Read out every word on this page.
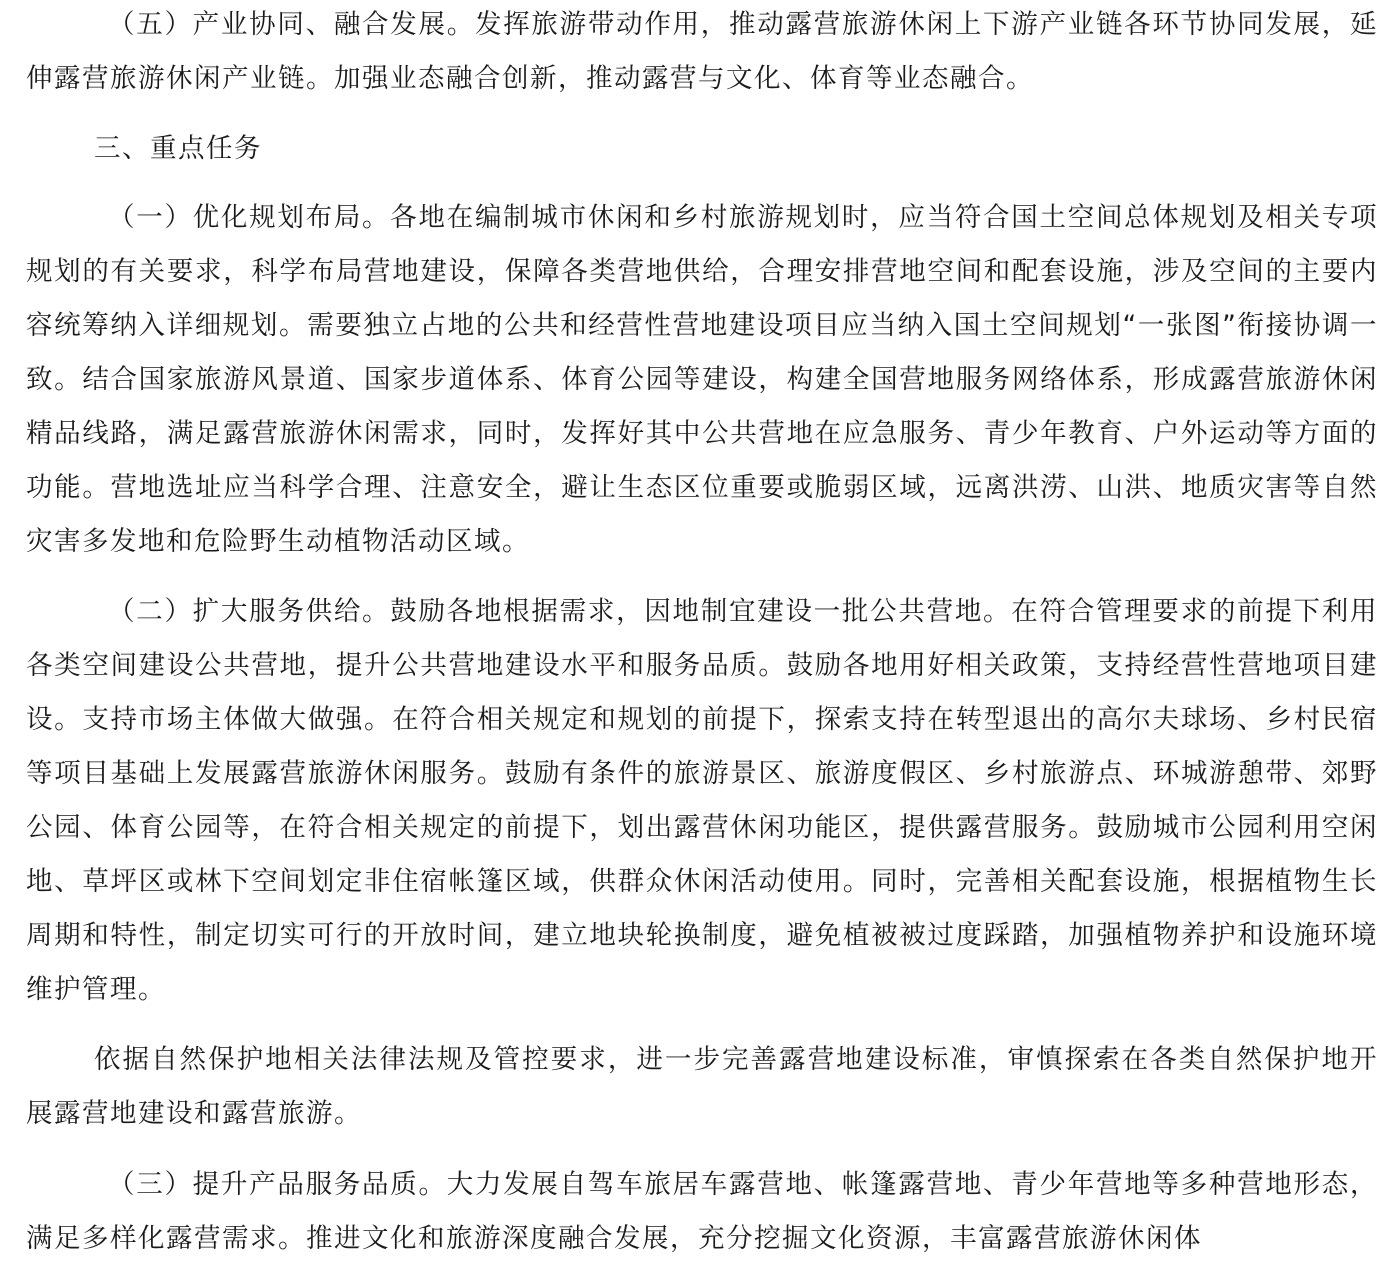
（五）产业协同、融合发展。发挥旅游带动作用，推动露营旅游休闲上下游产业链各环节协同发展，延伸露营旅游休闲产业链。加强业态融合创新，推动露营与文化、体育等业态融合。

三、重点任务

（一）优化规划布局。各地在编制城市休闲和乡村旅游规划时，应当符合国土空间总体规划及相关专项规划的有关要求，科学布局营地建设，保障各类营地供给，合理安排营地空间和配套设施，涉及空间的主要内容统筹纳入详细规划。需要独立占地的公共和经营性营地建设项目应当纳入国土空间规划“一张图”衔接协调一致。结合国家旅游风景道、国家步道体系、体育公园等建设，构建全国营地服务网络体系，形成露营旅游休闲精品线路，满足露营旅游休闲需求，同时，发挥好其中公共营地在应急服务、青少年教育、户外运动等方面的功能。营地选址应当科学合理、注意安全，避让生态区位重要或脆弱区域，远离洪涝、山洪、地质灾害等自然灾害多发地和危险野生动植物活动区域。

（二）扩大服务供给。鼓励各地根据需求，因地制宜建设一批公共营地。在符合管理要求的前提下利用各类空间建设公共营地，提升公共营地建设水平和服务品质。鼓励各地用好相关政策，支持经营性营地项目建设。支持市场主体做大做强。在符合相关规定和规划的前提下，探索支持在转型退出的高尔夫球场、乡村民宿等项目基础上发展露营旅游休闲服务。鼓励有条件的旅游景区、旅游度假区、乡村旅游点、环城游憩带、郊野公园、体育公园等，在符合相关规定的前提下，划出露营休闲功能区，提供露营服务。鼓励城市公园利用空闲地、草坪区或林下空间划定非住宿帐篷区域，供群众休闲活动使用。同时，完善相关配套设施，根据植物生长周期和特性，制定切实可行的开放时间，建立地块轮换制度，避免植被被过度踩踏，加强植物养护和设施环境维护管理。

依据自然保护地相关法律法规及管控要求，进一步完善露营地建设标准，审慎探索在各类自然保护地开展露营地建设和露营旅游。

（三）提升产品服务品质。大力发展自驾车旅居车露营地、帐篷露营地、青少年营地等多种营地形态，满足多样化露营需求。推进文化和旅游深度融合发展，充分挖掘文化资源，丰富露营旅游休闲体
